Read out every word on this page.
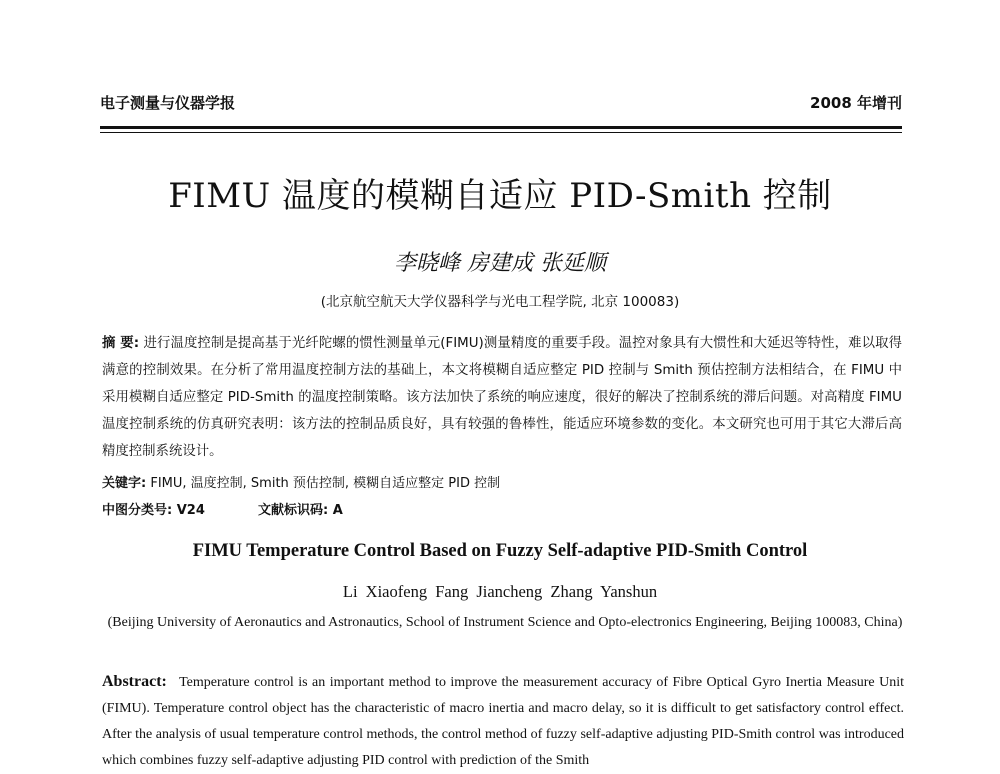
电子测量与仪器学报	2008 年增刊
FIMU 温度的模糊自适应 PID-Smith 控制
李晓峰 房建成 张延顺
(北京航空航天大学仪器科学与光电工程学院, 北京 100083)
摘 要: 进行温度控制是提高基于光纤陀螺的惯性测量单元(FIMU)测量精度的重要手段。温控对象具有大惯性和大延迟等特性，难以取得满意的控制效果。在分析了常用温度控制方法的基础上，本文将模糊自适应整定 PID 控制与 Smith 预估控制方法相结合，在 FIMU 中采用模糊自适应整定 PID-Smith 的温度控制策略。该方法加快了系统的响应速度，很好的解决了控制系统的滞后问题。对高精度 FIMU 温度控制系统的仿真研究表明：该方法的控制品质良好，具有较强的鲁棒性，能适应环境参数的变化。本文研究也可用于其它大滞后高精度控制系统设计。
关键字: FIMU, 温度控制, Smith 预估控制, 模糊自适应整定 PID 控制
中图分类号: V24	文献标识码: A
FIMU Temperature Control Based on Fuzzy Self-adaptive PID-Smith Control
Li Xiaofeng Fang Jiancheng Zhang Yanshun
(Beijing University of Aeronautics and Astronautics, School of Instrument Science and Opto-electronics Engineering, Beijing 100083, China)
Abstract: Temperature control is an important method to improve the measurement accuracy of Fibre Optical Gyro Inertia Measure Unit (FIMU). Temperature control object has the characteristic of macro inertia and macro delay, so it is difficult to get satisfactory control effect. After the analysis of usual temperature control methods, the control method of fuzzy self-adaptive adjusting PID-Smith control was introduced which combines fuzzy self-adaptive adjusting PID control with prediction of the Smith
